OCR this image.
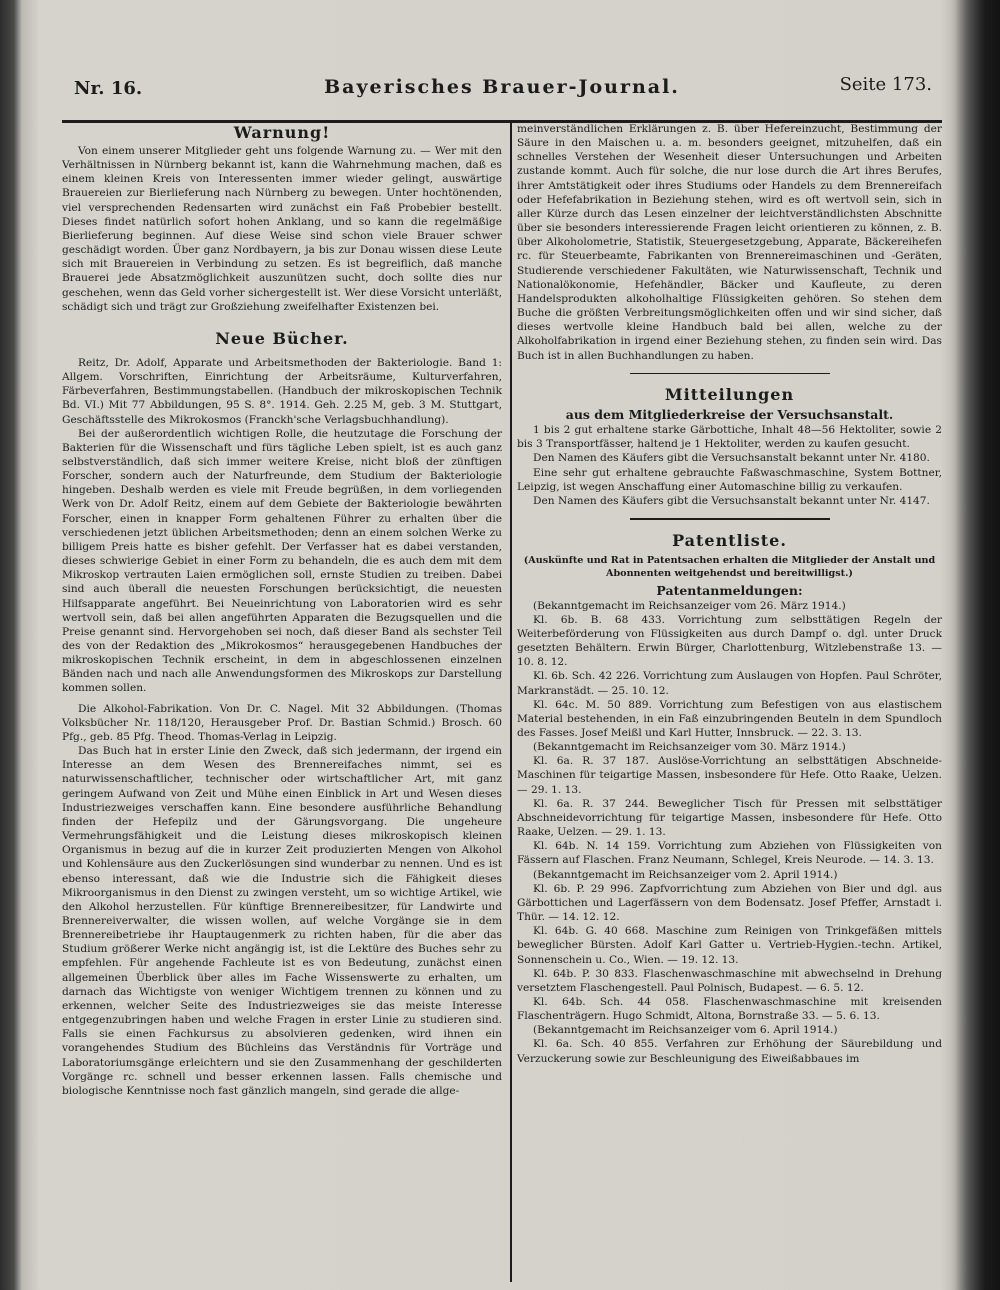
Nr. 16.	Bayerisches Brauer-Journal.	Seite 173.
Warnung!

Von einem unserer Mitglieder geht uns folgende Warnung zu. — Wer mit den Verhältnissen in Nürnberg bekannt ist, kann die Wahrnehmung machen, daß es einem kleinen Kreis von Interessenten immer wieder gelingt, auswärtige Brauereien zur Bierlieferung nach Nürnberg zu bewegen. Unter hochtönenden, viel versprechenden Redensarten wird zunächst ein Faß Probebier bestellt. Dieses findet natürlich sofort hohen Anklang, und so kann die regelmäßige Bierlieferung beginnen. Auf diese Weise sind schon viele Brauer schwer geschädigt worden. Über ganz Nordbayern, ja bis zur Donau wissen diese Leute sich mit Brauereien in Verbindung zu setzen. Es ist begreiflich, daß manche Brauerei jede Absatzmöglichkeit auszunützen sucht, doch sollte dies nur geschehen, wenn das Geld vorher sichergestellt ist. Wer diese Vorsicht unterläßt, schädigt sich und trägt zur Großziehung zweifelhafter Existenzen bei.

Neue Bücher.

Reitz, Dr. Adolf, Apparate und Arbeitsmethoden der Bakteriologie. Band 1: Allgem. Vorschriften, Einrichtung der Arbeitsräume, Kulturverfahren, Färbeverfahren, Bestimmungstabellen. (Handbuch der mikroskopischen Technik Bd. VI.) Mit 77 Abbildungen, 95 S. 8°. 1914. Geh. 2.25 M, geb. 3 M. Stuttgart, Geschäftsstelle des Mikrokosmos (Franckh'sche Verlagsbuchhandlung).

Bei der außerordentlich wichtigen Rolle, die heutzutage die Forschung der Bakterien für die Wissenschaft und fürs tägliche Leben spielt, ist es auch ganz selbstverständlich, daß sich immer weitere Kreise, nicht bloß der zünftigen Forscher, sondern auch der Naturfreunde, dem Studium der Bakteriologie hingeben. Deshalb werden es viele mit Freude begrüßen, in dem vorliegenden Werk von Dr. Adolf Reitz, einem auf dem Gebiete der Bakteriologie bewährten Forscher, einen in knapper Form gehaltenen Führer zu erhalten über die verschiedenen jetzt üblichen Arbeitsmethoden; denn an einem solchen Werke zu billigem Preis hatte es bisher gefehlt. Der Verfasser hat es dabei verstanden, dieses schwierige Gebiet in einer Form zu behandeln, die es auch dem mit dem Mikroskop vertrauten Laien ermöglichen soll, ernste Studien zu treiben. Dabei sind auch überall die neuesten Forschungen berücksichtigt, die neuesten Hilfsapparate angeführt. Bei Neueinrichtung von Laboratorien wird es sehr wertvoll sein, daß bei allen angeführten Apparaten die Bezugsquellen und die Preise genannt sind. Hervorgehoben sei noch, daß dieser Band als sechster Teil des von der Redaktion des „Mikrokosmos“ herausgegebenen Handbuches der mikroskopischen Technik erscheint, in dem in abgeschlossenen einzelnen Bänden nach und nach alle Anwendungsformen des Mikroskops zur Darstellung kommen sollen.

Die Alkohol-Fabrikation. Von Dr. C. Nagel. Mit 32 Abbildungen. (Thomas Volksbücher Nr. 118/120, Herausgeber Prof. Dr. Bastian Schmid.) Brosch. 60 Pfg., geb. 85 Pfg. Theod. Thomas-Verlag in Leipzig.

Das Buch hat in erster Linie den Zweck, daß sich jedermann, der irgend ein Interesse an dem Wesen des Brennereifaches nimmt, sei es naturwissenschaftlicher, technischer oder wirtschaftlicher Art, mit ganz geringem Aufwand von Zeit und Mühe einen Einblick in Art und Wesen dieses Industriezweiges verschaffen kann. Eine besondere ausführliche Behandlung finden der Hefepilz und der Gärungsvorgang. Die ungeheure Vermehrungsfähigkeit und die Leistung dieses mikroskopisch kleinen Organismus in bezug auf die in kurzer Zeit produzierten Mengen von Alkohol und Kohlensäure aus den Zuckerlösungen sind wunderbar zu nennen. Und es ist ebenso interessant, daß wie die Industrie sich die Fähigkeit dieses Mikroorganismus in den Dienst zu zwingen versteht, um so wichtige Artikel, wie den Alkohol herzustellen. Für künftige Brennereibesitzer, für Landwirte und Brennereiverwalter, die wissen wollen, auf welche Vorgänge sie in dem Brennereibetriebe ihr Hauptaugenmerk zu richten haben, für die aber das Studium größerer Werke nicht angängig ist, ist die Lektüre des Buches sehr zu empfehlen. Für angehende Fachleute ist es von Bedeutung, zunächst einen allgemeinen Überblick über alles im Fache Wissenswerte zu erhalten, um darnach das Wichtigste von weniger Wichtigem trennen zu können und zu erkennen, welcher Seite des Industriezweiges sie das meiste Interesse entgegenzubringen haben und welche Fragen in erster Linie zu studieren sind. Falls sie einen Fachkursus zu absolvieren gedenken, wird ihnen ein vorangehendes Studium des Büchleins das Verständnis für Vorträge und Laboratoriumsgänge erleichtern und sie den Zusammenhang der geschilderten Vorgänge rc. schnell und besser erkennen lassen. Falls chemische und biologische Kenntnisse noch fast gänzlich mangeln, sind gerade die allge-

meinverständlichen Erklärungen z. B. über Hefereinzucht, Bestimmung der Säure in den Maischen u. a. m. besonders geeignet, mitzuhelfen, daß ein schnelles Verstehen der Wesenheit dieser Untersuchungen und Arbeiten zustande kommt. Auch für solche, die nur lose durch die Art ihres Berufes, ihrer Amtstätigkeit oder ihres Studiums oder Handels zu dem Brennereifach oder Hefefabrikation in Beziehung stehen, wird es oft wertvoll sein, sich in aller Kürze durch das Lesen einzelner der leichtverständlichsten Abschnitte über sie besonders interessierende Fragen leicht orientieren zu können, z. B. über Alkoholometrie, Statistik, Steuergesetzgebung, Apparate, Bäckereihefen rc. für Steuerbeamte, Fabrikanten von Brennereimaschinen und -Geräten, Studierende verschiedener Fakultäten, wie Naturwissenschaft, Technik und Nationalökonomie, Hefehändler, Bäcker und Kaufleute, zu deren Handelsprodukten alkoholhaltige Flüssigkeiten gehören. So stehen dem Buche die größten Verbreitungsmöglichkeiten offen und wir sind sicher, daß dieses wertvolle kleine Handbuch bald bei allen, welche zu der Alkoholfabrikation in irgend einer Beziehung stehen, zu finden sein wird. Das Buch ist in allen Buchhandlungen zu haben.

Mitteilungen
aus dem Mitgliederkreise der Versuchsanstalt.

1 bis 2 gut erhaltene starke Gärbottiche, Inhalt 48—56 Hektoliter, sowie 2 bis 3 Transportfässer, haltend je 1 Hektoliter, werden zu kaufen gesucht.

Den Namen des Käufers gibt die Versuchsanstalt bekannt unter Nr. 4180.

Eine sehr gut erhaltene gebrauchte Faßwaschmaschine, System Bottner, Leipzig, ist wegen Anschaffung einer Automaschine billig zu verkaufen.

Den Namen des Käufers gibt die Versuchsanstalt bekannt unter Nr. 4147.

Patentliste.
(Auskünfte und Rat in Patentsachen erhalten die Mitglieder der Anstalt und Abonnenten weitgehendst und bereitwilligst.)
Patentanmeldungen:

(Bekanntgemacht im Reichsanzeiger vom 26. März 1914.)

Kl. 6b. B. 68 433. Vorrichtung zum selbsttätigen Regeln der Weiterbeförderung von Flüssigkeiten aus durch Dampf o. dgl. unter Druck gesetzten Behältern. Erwin Bürger, Charlottenburg, Witzlebenstraße 13. — 10. 8. 12.

Kl. 6b. Sch. 42 226. Vorrichtung zum Auslaugen von Hopfen. Paul Schröter, Markranstädt. — 25. 10. 12.

Kl. 64c. M. 50 889. Vorrichtung zum Befestigen von aus elastischem Material bestehenden, in ein Faß einzubringenden Beuteln in dem Spundloch des Fasses. Josef Meißl und Karl Hutter, Innsbruck. — 22. 3. 13.

(Bekanntgemacht im Reichsanzeiger vom 30. März 1914.)

Kl. 6a. R. 37 187. Auslöse-Vorrichtung an selbsttätigen Abschneide-Maschinen für teigartige Massen, insbesondere für Hefe. Otto Raake, Uelzen. — 29. 1. 13.

Kl. 6a. R. 37 244. Beweglicher Tisch für Pressen mit selbsttätiger Abschneidevorrichtung für teigartige Massen, insbesondere für Hefe. Otto Raake, Uelzen. — 29. 1. 13.

Kl. 64b. N. 14 159. Vorrichtung zum Abziehen von Flüssigkeiten von Fässern auf Flaschen. Franz Neumann, Schlegel, Kreis Neurode. — 14. 3. 13.

(Bekanntgemacht im Reichsanzeiger vom 2. April 1914.)

Kl. 6b. P. 29 996. Zapfvorrichtung zum Abziehen von Bier und dgl. aus Gärbottichen und Lagerfässern von dem Bodensatz. Josef Pfeffer, Arnstadt i. Thür. — 14. 12. 12.

Kl. 64b. G. 40 668. Maschine zum Reinigen von Trinkgefäßen mittels beweglicher Bürsten. Adolf Karl Gatter u. Vertrieb-Hygien.-techn. Artikel, Sonnenschein u. Co., Wien. — 19. 12. 13.

Kl. 64b. P. 30 833. Flaschenwaschmaschine mit abwechselnd in Drehung versetztem Flaschengestell. Paul Polnisch, Budapest. — 6. 5. 12.

Kl. 64b. Sch. 44 058. Flaschenwaschmaschine mit kreisenden Flaschenträgern. Hugo Schmidt, Altona, Bornstraße 33. — 5. 6. 13.

(Bekanntgemacht im Reichsanzeiger vom 6. April 1914.)

Kl. 6a. Sch. 40 855. Verfahren zur Erhöhung der Säurebildung und Verzuckerung sowie zur Beschleunigung des Eiweißabbaues im
